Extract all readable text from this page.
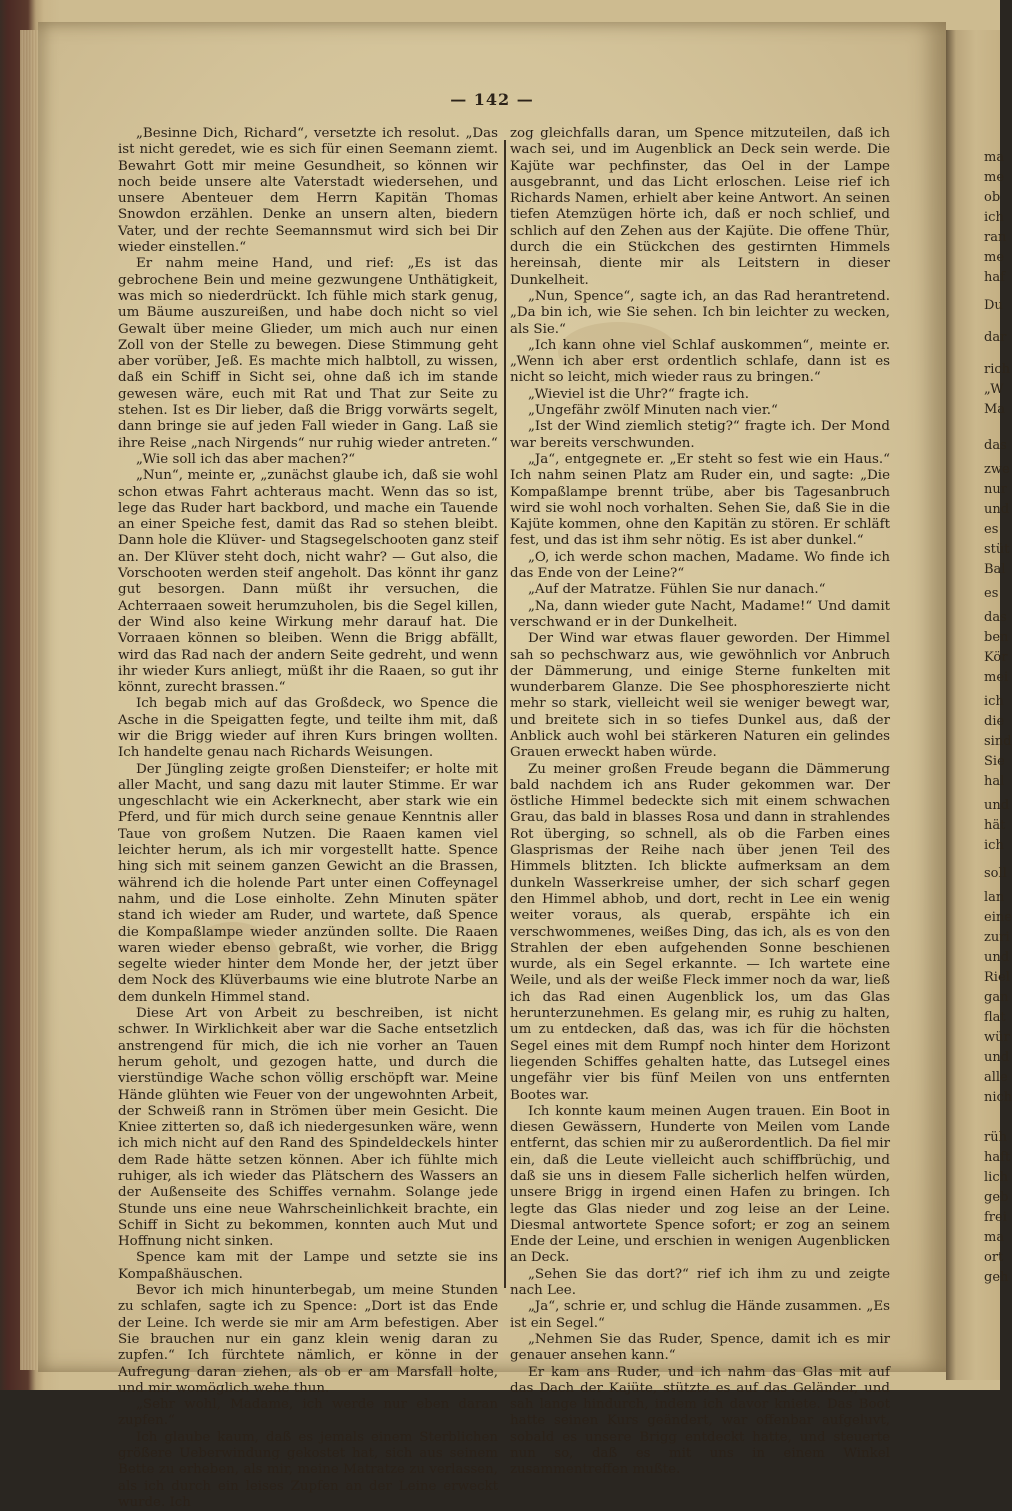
— 142 —

„Besinne Dich, Richard“, versetzte ich resolut. „Das ist nicht geredet, wie es sich für einen Seemann ziemt. Bewahrt Gott mir meine Gesundheit, so können wir noch beide unsere alte Vaterstadt wiedersehen, und unsere Abenteuer dem Herrn Kapitän Thomas Snowdon erzählen. Denke an unsern alten, biedern Vater, und der rechte Seemannsmut wird sich bei Dir wieder einstellen.“

Er nahm meine Hand, und rief: „Es ist das gebrochene Bein und meine gezwungene Unthätigkeit, was mich so niederdrückt. Ich fühle mich stark genug, um Bäume auszureißen, und habe doch nicht so viel Gewalt über meine Glieder, um mich auch nur einen Zoll von der Stelle zu bewegen. Diese Stimmung geht aber vorüber, Jeß. Es machte mich halbtoll, zu wissen, daß ein Schiff in Sicht sei, ohne daß ich im stande gewesen wäre, euch mit Rat und That zur Seite zu stehen. Ist es Dir lieber, daß die Brigg vorwärts segelt, dann bringe sie auf jeden Fall wieder in Gang. Laß sie ihre Reise „nach Nirgends“ nur ruhig wieder antreten.“

„Wie soll ich das aber machen?“

„Nun“, meinte er, „zunächst glaube ich, daß sie wohl schon etwas Fahrt achteraus macht. Wenn das so ist, lege das Ruder hart backbord, und mache ein Tauende an einer Speiche fest, damit das Rad so stehen bleibt. Dann hole die Klüver- und Stagsegelschooten ganz steif an. Der Klüver steht doch, nicht wahr? — Gut also, die Vorschooten werden steif angeholt. Das könnt ihr ganz gut besorgen. Dann müßt ihr versuchen, die Achterraaen soweit herumzuholen, bis die Segel killen, der Wind also keine Wirkung mehr darauf hat. Die Vorraaen können so bleiben. Wenn die Brigg abfällt, wird das Rad nach der andern Seite gedreht, und wenn ihr wieder Kurs anliegt, müßt ihr die Raaen, so gut ihr könnt, zurecht brassen.“

Ich begab mich auf das Großdeck, wo Spence die Asche in die Speigatten fegte, und teilte ihm mit, daß wir die Brigg wieder auf ihren Kurs bringen wollten. Ich handelte genau nach Richards Weisungen.

Der Jüngling zeigte großen Diensteifer; er holte mit aller Macht, und sang dazu mit lauter Stimme. Er war ungeschlacht wie ein Ackerknecht, aber stark wie ein Pferd, und für mich durch seine genaue Kenntnis aller Taue von großem Nutzen. Die Raaen kamen viel leichter herum, als ich mir vorgestellt hatte. Spence hing sich mit seinem ganzen Gewicht an die Brassen, während ich die holende Part unter einen Coffeynagel nahm, und die Lose einholte. Zehn Minuten später stand ich wieder am Ruder, und wartete, daß Spence die Kompaßlampe wieder anzünden sollte. Die Raaen waren wieder ebenso gebraßt, wie vorher, die Brigg segelte wieder hinter dem Monde her, der jetzt über dem Nock des Klüverbaums wie eine blutrote Narbe an dem dunkeln Himmel stand.

Diese Art von Arbeit zu beschreiben, ist nicht schwer. In Wirklichkeit aber war die Sache entsetzlich anstrengend für mich, die ich nie vorher an Tauen herum geholt, und gezogen hatte, und durch die vierstündige Wache schon völlig erschöpft war. Meine Hände glühten wie Feuer von der ungewohnten Arbeit, der Schweiß rann in Strömen über mein Gesicht. Die Kniee zitterten so, daß ich niedergesunken wäre, wenn ich mich nicht auf den Rand des Spindeldeckels hinter dem Rade hätte setzen können. Aber ich fühlte mich ruhiger, als ich wieder das Plätschern des Wassers an der Außenseite des Schiffes vernahm. Solange jede Stunde uns eine neue Wahrscheinlichkeit brachte, ein Schiff in Sicht zu bekommen, konnten auch Mut und Hoffnung nicht sinken.

Spence kam mit der Lampe und setzte sie ins Kompaßhäuschen.

Bevor ich mich hinunterbegab, um meine Stunden zu schlafen, sagte ich zu Spence: „Dort ist das Ende der Leine. Ich werde sie mir am Arm befestigen. Aber Sie brauchen nur ein ganz klein wenig daran zu zupfen.“ Ich fürchtete nämlich, er könne in der Aufregung daran ziehen, als ob er am Marsfall holte, und mir womöglich wehe thun.

„Sehr wohl, Madame, ich werde nur eben daran zupfen.“

Ich glaube kaum, daß es jemals einem Sterblichen größere Ueberwindung gekostet hat, sich aus seinem Bette zu erheben, als mir, meine Matratze zu verlassen, als ich durch ein leises Zupfen an der Leine erweckt wurde. Ich

zog gleichfalls daran, um Spence mitzuteilen, daß ich wach sei, und im Augenblick an Deck sein werde. Die Kajüte war pechfinster, das Oel in der Lampe ausgebrannt, und das Licht erloschen. Leise rief ich Richards Namen, erhielt aber keine Antwort. An seinen tiefen Atemzügen hörte ich, daß er noch schlief, und schlich auf den Zehen aus der Kajüte. Die offene Thür, durch die ein Stückchen des gestirnten Himmels hereinsah, diente mir als Leitstern in dieser Dunkelheit.

„Nun, Spence“, sagte ich, an das Rad herantretend. „Da bin ich, wie Sie sehen. Ich bin leichter zu wecken, als Sie.“

„Ich kann ohne viel Schlaf auskommen“, meinte er. „Wenn ich aber erst ordentlich schlafe, dann ist es nicht so leicht, mich wieder raus zu bringen.“

„Wieviel ist die Uhr?“ fragte ich.

„Ungefähr zwölf Minuten nach vier.“

„Ist der Wind ziemlich stetig?“ fragte ich. Der Mond war bereits verschwunden.

„Ja“, entgegnete er. „Er steht so fest wie ein Haus.“ Ich nahm seinen Platz am Ruder ein, und sagte: „Die Kompaßlampe brennt trübe, aber bis Tagesanbruch wird sie wohl noch vorhalten. Sehen Sie, daß Sie in die Kajüte kommen, ohne den Kapitän zu stören. Er schläft fest, und das ist ihm sehr nötig. Es ist aber dunkel.“

„O, ich werde schon machen, Madame. Wo finde ich das Ende von der Leine?“

„Auf der Matratze. Fühlen Sie nur danach.“

„Na, dann wieder gute Nacht, Madame!“ Und damit verschwand er in der Dunkelheit.

Der Wind war etwas flauer geworden. Der Himmel sah so pechschwarz aus, wie gewöhnlich vor Anbruch der Dämmerung, und einige Sterne funkelten mit wunderbarem Glanze. Die See phosphoreszierte nicht mehr so stark, vielleicht weil sie weniger bewegt war, und breitete sich in so tiefes Dunkel aus, daß der Anblick auch wohl bei stärkeren Naturen ein gelindes Grauen erweckt haben würde.

Zu meiner großen Freude begann die Dämmerung bald nachdem ich ans Ruder gekommen war. Der östliche Himmel bedeckte sich mit einem schwachen Grau, das bald in blasses Rosa und dann in strahlendes Rot überging, so schnell, als ob die Farben eines Glasprismas der Reihe nach über jenen Teil des Himmels blitzten. Ich blickte aufmerksam an dem dunkeln Wasserkreise umher, der sich scharf gegen den Himmel abhob, und dort, recht in Lee ein wenig weiter voraus, als querab, erspähte ich ein verschwommenes, weißes Ding, das ich, als es von den Strahlen der eben aufgehenden Sonne beschienen wurde, als ein Segel erkannte. — Ich wartete eine Weile, und als der weiße Fleck immer noch da war, ließ ich das Rad einen Augenblick los, um das Glas herunterzunehmen. Es gelang mir, es ruhig zu halten, um zu entdecken, daß das, was ich für die höchsten Segel eines mit dem Rumpf noch hinter dem Horizont liegenden Schiffes gehalten hatte, das Lutsegel eines ungefähr vier bis fünf Meilen von uns entfernten Bootes war.

Ich konnte kaum meinen Augen trauen. Ein Boot in diesen Gewässern, Hunderte von Meilen vom Lande entfernt, das schien mir zu außerordentlich. Da fiel mir ein, daß die Leute vielleicht auch schiffbrüchig, und daß sie uns in diesem Falle sicherlich helfen würden, unsere Brigg in irgend einen Hafen zu bringen. Ich legte das Glas nieder und zog leise an der Leine. Diesmal antwortete Spence sofort; er zog an seinem Ende der Leine, und erschien in wenigen Augenblicken an Deck.

„Sehen Sie das dort?“ rief ich ihm zu und zeigte nach Lee.

„Ja“, schrie er, und schlug die Hände zusammen. „Es ist ein Segel.“

„Nehmen Sie das Ruder, Spence, damit ich es mir genauer ansehen kann.“

Er kam ans Ruder, und ich nahm das Glas mit auf das Dach der Kajüte, stützte es auf das Geländer, und sah lange hindurch, indem ich davor kniete. Das Boot hatte seinen Kurs geändert, war offenbar aufgeluvt, sobald es unsere Brigg entdeckt hatte, und steuerte nun so, daß es mit uns in einem Winkel zusammentreffen mußte.

ma
me
ob
ich
ran
me
haf
Du
dar
rich
„W
Ma
das
zwe
nur
und
es
stüt
Bal
es
das
ben
Kör
mei
ich
die
sind
Sie
hal
und
hät
ich
soll
lan
eine
zuri
und
Riel
gan
flat
wür
und
alle
nich
rüh
haft
lich
geb
frei
ma
ort
geh
